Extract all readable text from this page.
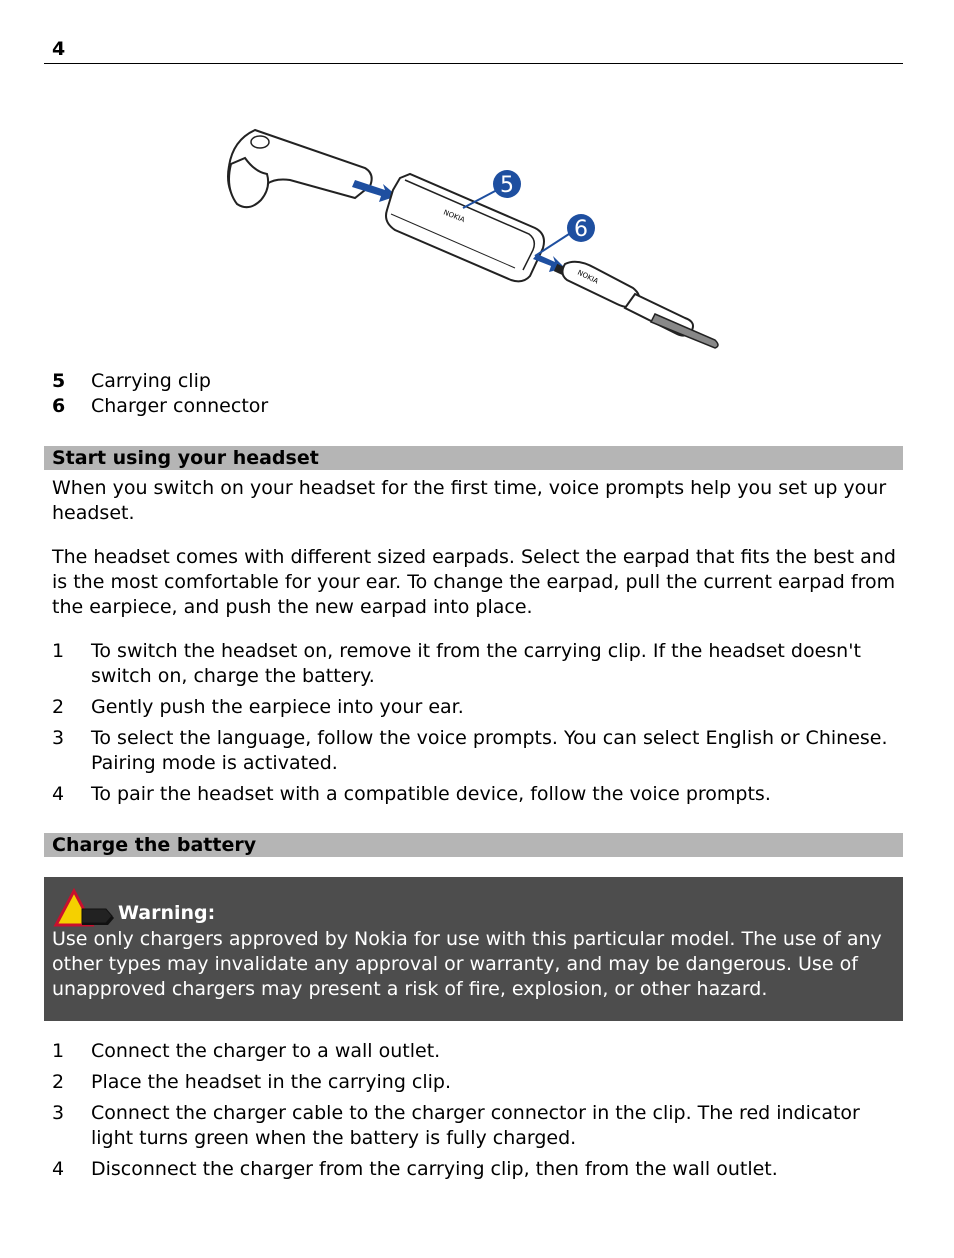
4
NOKIA
NOKIA
5
6
5	Carrying clip
6	Charger connector
Start using your headset

When you switch on your headset for the first time, voice prompts help you set up your headset.

The headset comes with different sized earpads. Select the earpad that fits the best and is the most comfortable for your ear. To change the earpad, pull the current earpad from the earpiece, and push the new earpad into place.

1	To switch the headset on, remove it from the carrying clip. If the headset doesn't switch on, charge the battery.
2	Gently push the earpiece into your ear.
3	To select the language, follow the voice prompts. You can select English or Chinese. Pairing mode is activated.
4	To pair the headset with a compatible device, follow the voice prompts.
Charge the battery
Warning:
Use only chargers approved by Nokia for use with this particular model. The use of any other types may invalidate any approval or warranty, and may be dangerous. Use of unapproved chargers may present a risk of fire, explosion, or other hazard.
1	Connect the charger to a wall outlet.
2	Place the headset in the carrying clip.
3	Connect the charger cable to the charger connector in the clip. The red indicator light turns green when the battery is fully charged.
4	Disconnect the charger from the carrying clip, then from the wall outlet.
